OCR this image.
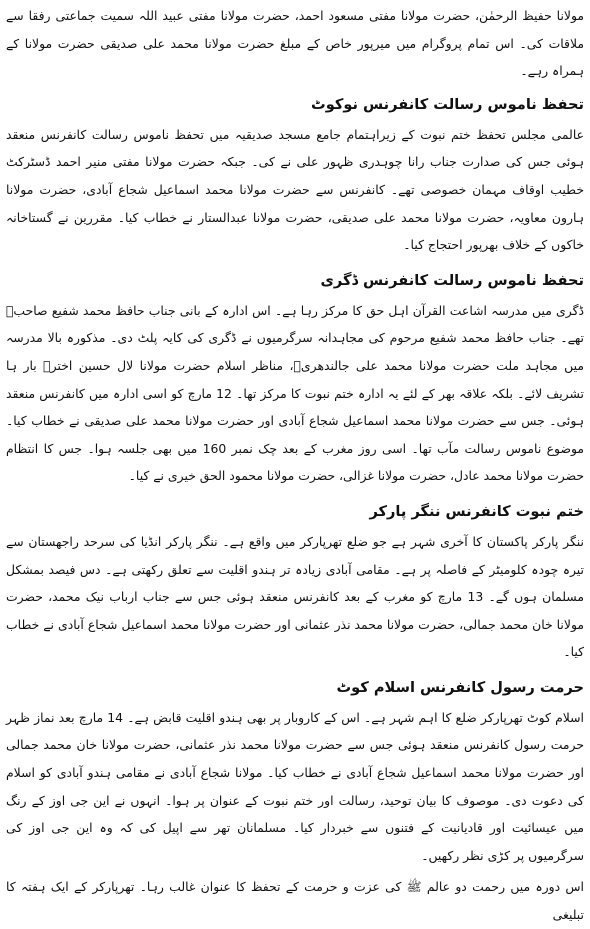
مولانا حفیظ الرحمٰن، حضرت مولانا مفتی مسعود احمد، حضرت مولانا مفتی عبید اللہ سمیت جماعتی رفقا سے ملاقات کی۔ اس تمام پروگرام میں میرپور خاص کے مبلغ حضرت مولانا محمد علی صدیقی حضرت مولانا کے ہمراہ رہے۔

تحفظ ناموس رسالت کانفرنس نوکوٹ

عالمی مجلس تحفظ ختم نبوت کے زیراہتمام جامع مسجد صدیقیہ میں تحفظ ناموس رسالت کانفرنس منعقد ہوئی جس کی صدارت جناب رانا چوہدری ظہور علی نے کی۔ جبکہ حضرت مولانا مفتی منیر احمد ڈسٹرکٹ خطیب اوقاف مہمان خصوصی تھے۔ کانفرنس سے حضرت مولانا محمد اسماعیل شجاع آبادی، حضرت مولانا ہارون معاویہ، حضرت مولانا محمد علی صدیقی، حضرت مولانا عبدالستار نے خطاب کیا۔ مقررین نے گستاخانہ خاکوں کے خلاف بھرپور احتجاج کیا۔

تحفظ ناموس رسالت کانفرنس ڈگری

ڈگری میں مدرسہ اشاعت القرآن اہل حق کا مرکز رہا ہے۔ اس ادارہ کے بانی جناب حافظ محمد شفیع صاحبؒ تھے۔ جناب حافظ محمد شفیع مرحوم کی مجاہدانہ سرگرمیوں نے ڈگری کی کایہ پلٹ دی۔ مذکورہ بالا مدرسہ میں مجاہد ملت حضرت مولانا محمد علی جالندھریؒ، مناظر اسلام حضرت مولانا لال حسین اخترؒ بار ہا تشریف لائے۔ بلکہ علاقہ بھر کے لئے یہ ادارہ ختم نبوت کا مرکز تھا۔ 12 مارچ کو اسی ادارہ میں کانفرنس منعقد ہوئی۔ جس سے حضرت مولانا محمد اسماعیل شجاع آبادی اور حضرت مولانا محمد علی صدیقی نے خطاب کیا۔ موضوع ناموس رسالت مآب تھا۔ اسی روز مغرب کے بعد چک نمبر 160 میں بھی جلسہ ہوا۔ جس کا انتظام حضرت مولانا محمد عادل، حضرت مولانا غزالی، حضرت مولانا محمود الحق خیری نے کیا۔

ختم نبوت کانفرنس ننگر پارکر

ننگر پارکر پاکستان کا آخری شہر ہے جو ضلع تھرپارکر میں واقع ہے۔ ننگر پارکر انڈیا کی سرحد راجھستان سے تیرہ چودہ کلومیٹر کے فاصلہ پر ہے۔ مقامی آبادی زیادہ تر ہندو اقلیت سے تعلق رکھتی ہے۔ دس فیصد بمشکل مسلمان ہوں گے۔ 13 مارچ کو مغرب کے بعد کانفرنس منعقد ہوئی جس سے جناب ارباب نیک محمد، حضرت مولانا خان محمد جمالی، حضرت مولانا محمد نذر عثمانی اور حضرت مولانا محمد اسماعیل شجاع آبادی نے خطاب کیا۔

حرمت رسول کانفرنس اسلام کوٹ

اسلام کوٹ تھرپارکر ضلع کا اہم شہر ہے۔ اس کے کاروبار پر بھی ہندو اقلیت قابض ہے۔ 14 مارچ بعد نماز ظہر حرمت رسول کانفرنس منعقد ہوئی جس سے حضرت مولانا محمد نذر عثمانی، حضرت مولانا خان محمد جمالی اور حضرت مولانا محمد اسماعیل شجاع آبادی نے خطاب کیا۔ مولانا شجاع آبادی نے مقامی ہندو آبادی کو اسلام کی دعوت دی۔ موصوف کا بیان توحید، رسالت اور ختم نبوت کے عنوان پر ہوا۔ انہوں نے این جی اوز کے رنگ میں عیسائیت اور قادیانیت کے فتنوں سے خبردار کیا۔ مسلمانان تھر سے اپیل کی کہ وہ این جی اوز کی سرگرمیوں پر کڑی نظر رکھیں۔

اس دورہ میں رحمت دو عالم ﷺ کی عزت و حرمت کے تحفظ کا عنوان غالب رہا۔ تھرپارکر کے ایک ہفتہ کا تبلیغی
